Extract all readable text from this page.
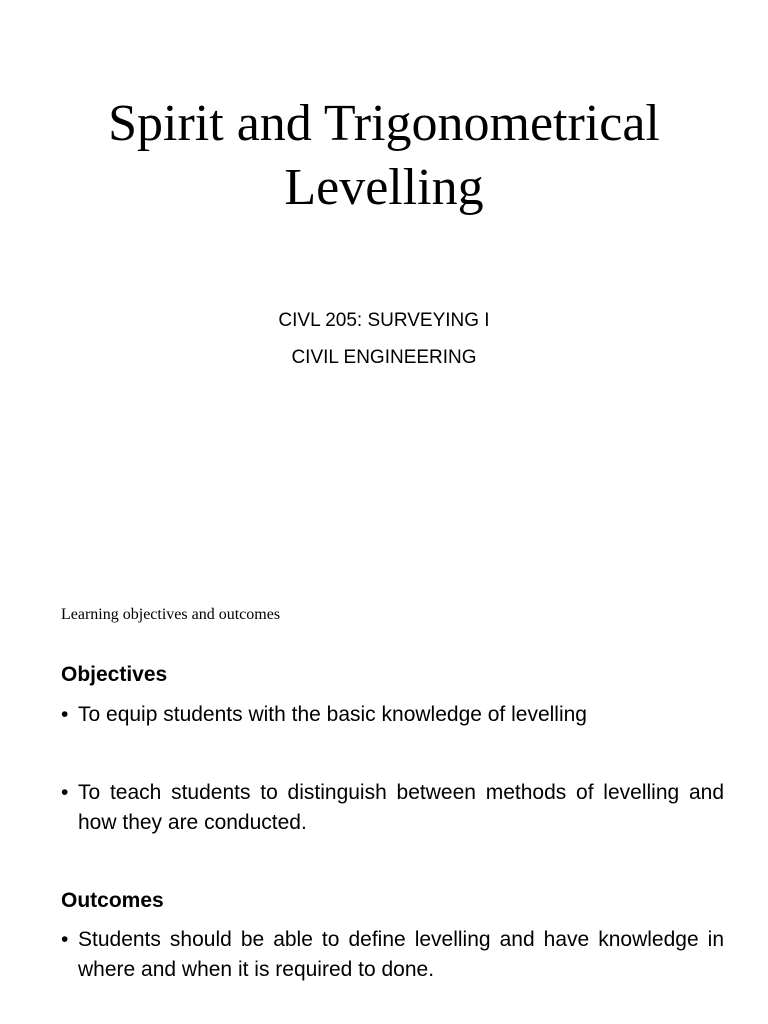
Spirit and Trigonometrical
Levelling
CIVL 205: SURVEYING I
CIVIL ENGINEERING
Learning objectives and outcomes
Objectives
• To equip students with the basic knowledge of levelling
• To teach students to distinguish between methods of levelling and how they are conducted.
Outcomes
• Students should be able to define levelling and have knowledge in where and when it is required to done.
